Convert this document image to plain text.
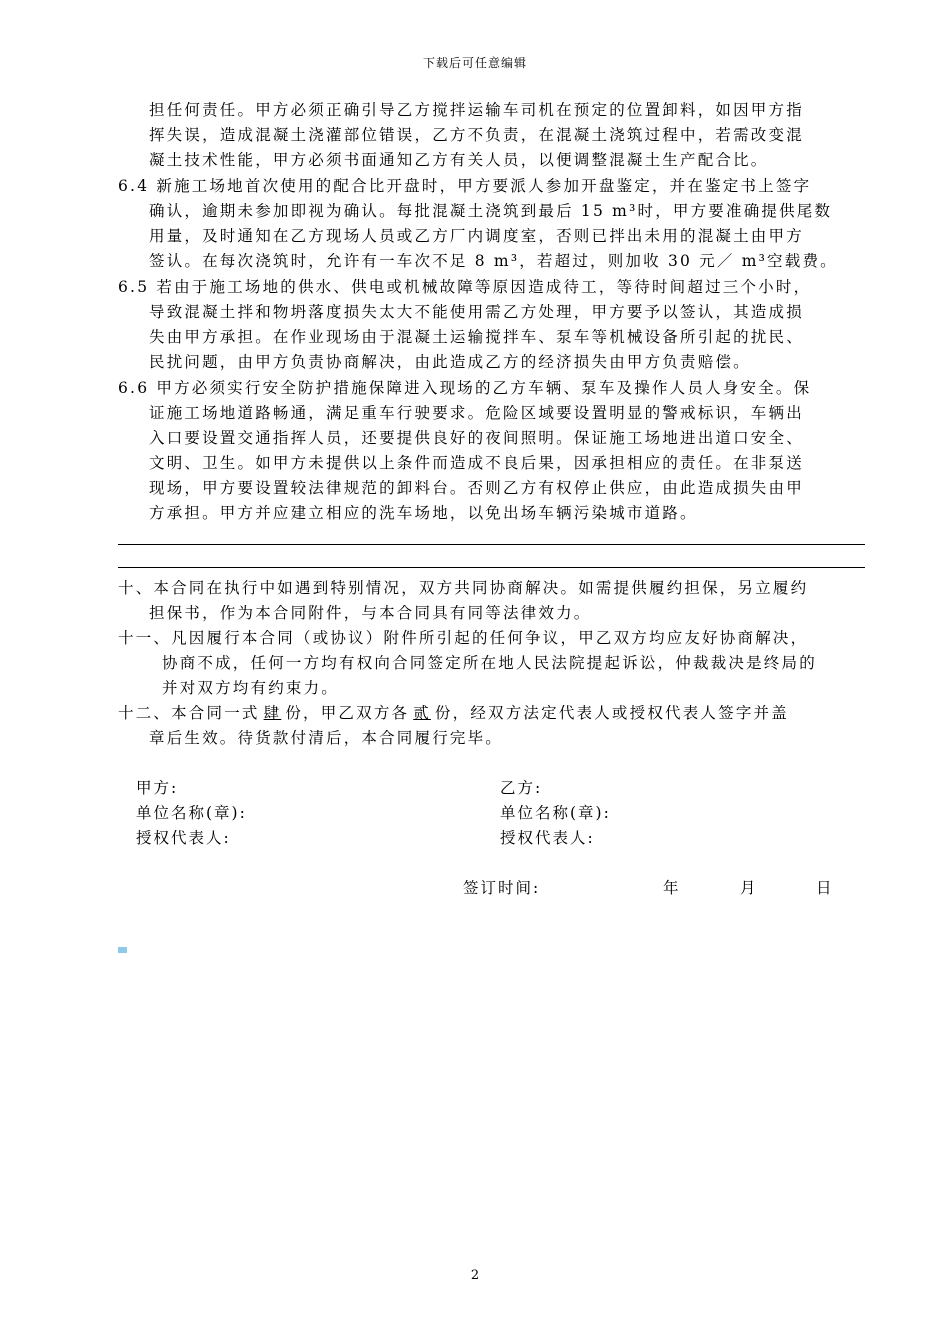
下载后可任意编辑
担任何责任。甲方必须正确引导乙方搅拌运输车司机在预定的位置卸料，如因甲方指
挥失误，造成混凝土浇灌部位错误，乙方不负责，在混凝土浇筑过程中，若需改变混
凝土技术性能，甲方必须书面通知乙方有关人员，以便调整混凝土生产配合比。
6.4 新施工场地首次使用的配合比开盘时，甲方要派人参加开盘鉴定，并在鉴定书上签字
确认，逾期未参加即视为确认。每批混凝土浇筑到最后 15 m³时，甲方要准确提供尾数
用量，及时通知在乙方现场人员或乙方厂内调度室，否则已拌出未用的混凝土由甲方
签认。在每次浇筑时，允许有一车次不足 8 m³，若超过，则加收 30 元／ m³空载费。
6.5 若由于施工场地的供水、供电或机械故障等原因造成待工，等待时间超过三个小时，
导致混凝土拌和物坍落度损失太大不能使用需乙方处理，甲方要予以签认，其造成损
失由甲方承担。在作业现场由于混凝土运输搅拌车、泵车等机械设备所引起的扰民、
民扰问题，由甲方负责协商解决，由此造成乙方的经济损失由甲方负责赔偿。
6.6 甲方必须实行安全防护措施保障进入现场的乙方车辆、泵车及操作人员人身安全。保
证施工场地道路畅通，满足重车行驶要求。危险区域要设置明显的警戒标识，车辆出
入口要设置交通指挥人员，还要提供良好的夜间照明。保证施工场地进出道口安全、
文明、卫生。如甲方未提供以上条件而造成不良后果，因承担相应的责任。在非泵送
现场，甲方要设置较法律规范的卸料台。否则乙方有权停止供应，由此造成损失由甲
方承担。甲方并应建立相应的洗车场地，以免出场车辆污染城市道路。
十、本合同在执行中如遇到特别情况，双方共同协商解决。如需提供履约担保，另立履约
担保书，作为本合同附件，与本合同具有同等法律效力。
十一、凡因履行本合同（或协议）附件所引起的任何争议，甲乙双方均应友好协商解决，
协商不成，任何一方均有权向合同签定所在地人民法院提起诉讼，仲裁裁决是终局的
并对双方均有约束力。
十二、本合同一式 肆 份，甲乙双方各 贰 份，经双方法定代表人或授权代表人签字并盖
章后生效。待货款付清后，本合同履行完毕。
甲方:
单位名称(章):
授权代表人:
乙方:
单位名称(章):
授权代表人:
签订时间:	年	月	日
2
